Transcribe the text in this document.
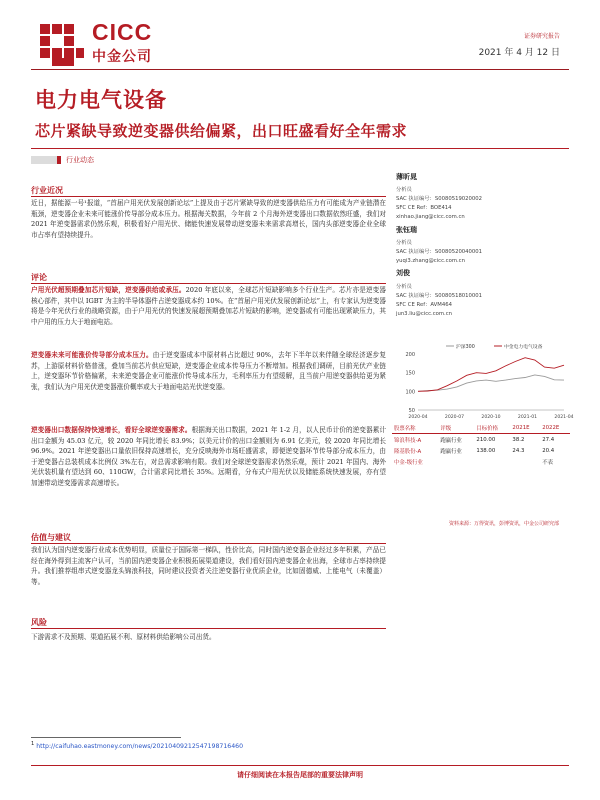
CICC
中金公司
证券研究报告
2021 年 4 月 12 日
电力电气设备
芯片紧缺导致逆变器供给偏紧，出口旺盛看好全年需求
行业动态
行业近况
近日，据能源一号¹报道，“首届户用光伏发展创新论坛”上提及由于芯片紧缺导致的逆变器供给压力有可能成为产业链潜在瓶颈，逆变器企业未来可能涨价传导部分成本压力。根据海关数据，今年前 2 个月海外逆变器出口数据依然旺盛，我们对 2021 年逆变器需求仍然乐观，积极看好户用光伏、储能快速发展带动逆变器未来需求高增长，国内头部逆变器企业全球市占率有望持续提升。
评论
户用光伏超预期叠加芯片短缺，逆变器供给或承压。2020 年底以来，全球芯片短缺影响多个行业生产。芯片亦是逆变器核心部件，其中以 IGBT 为主的半导体器件占逆变器成本约 10%。在“首届户用光伏发展创新论坛”上，有专家认为逆变器将是今年光伏行业的战略资源，由于户用光伏的快速发展超预期叠加芯片短缺的影响，逆变器或有可能出现紧缺压力，其中户用的压力大于地面电站。
逆变器未来可能涨价传导部分成本压力。由于逆变器成本中原材料占比超过 90%，去年下半年以来伴随全球经济逐步复苏，上游原材料价格普涨，叠加当前芯片供应短缺，逆变器企业成本传导压力不断增加。根据我们调研，目前光伏产业链上，逆变器环节价格偏紧，未来逆变器企业可能涨价传导成本压力，毛利率压力有望缓解，且当前户用逆变器供给更为紧张，我们认为户用光伏逆变器涨价概率或大于地面电站光伏逆变器。
逆变器出口数据保持快速增长，看好全球逆变器需求。根据海关出口数据，2021 年 1-2 月，以人民币计价的逆变器累计出口金额为 45.03 亿元，较 2020 年同比增长 83.9%；以美元计价的出口金额则为 6.91 亿美元，较 2020 年同比增长 96.9%。2021 年逆变器出口量依旧保持高速增长，充分反映海外市场旺盛需求，即便逆变器环节传导部分成本压力，由于逆变器占总装机成本比例仅 3%左右，对总需求影响有限。我们对全球逆变器需求仍然乐观，预计 2021 年国内、海外光伏装机量有望达到 60、110GW，合计需求同比增长 35%。远期看，分布式户用光伏以及储能系统快速发展，亦有望加速带动逆变器需求高速增长。
估值与建议
我们认为国内逆变器行业成本优势明显，质量位于国际第一梯队，性价比高，同时国内逆变器企业经过多年积累，产品已经在海外得到主流客户认可，当前国内逆变器企业积极拓展渠道建设，我们看好国内逆变器企业出海，全球市占率持续提升。我们推荐组串式逆变器龙头锦浪科技，同时建议投资者关注逆变器行业优质企业，比如固德威、上能电气（未覆盖）等。
风险
下游需求不及预期、渠道拓展不利、原材料供给影响公司出货。
薄昕晁
分析员
SAC 执证编号：S0080519020002
SFC CE Ref：BOE414
xinhao.jiang@cicc.com.cn
张钰瑞
分析员
SAC 执证编号：S0080520040001
yuqi3.zhang@cicc.com.cn
刘俊
分析员
SAC 执证编号：S0080518010001
SFC CE Ref：AVM464
jun3.liu@cicc.com.cn
沪深300	中金电力电气设备
200
150
100
50
2020-04	2020-07	2020-10	2021-01	2021-04
股票名称	评级	目标价格	2021E	2022E
锦浪科技-A	跑赢行业	210.00	38.2	27.4
隆基股份-A	跑赢行业	138.00	24.3	20.4
中金-级行业				不表
资料来源：万得资讯，彭博资讯，中金公司研究部
$^1$ http://caifuhao.eastmoney.com/news/20210409212547198716460
请仔细阅读在本报告尾部的重要法律声明
